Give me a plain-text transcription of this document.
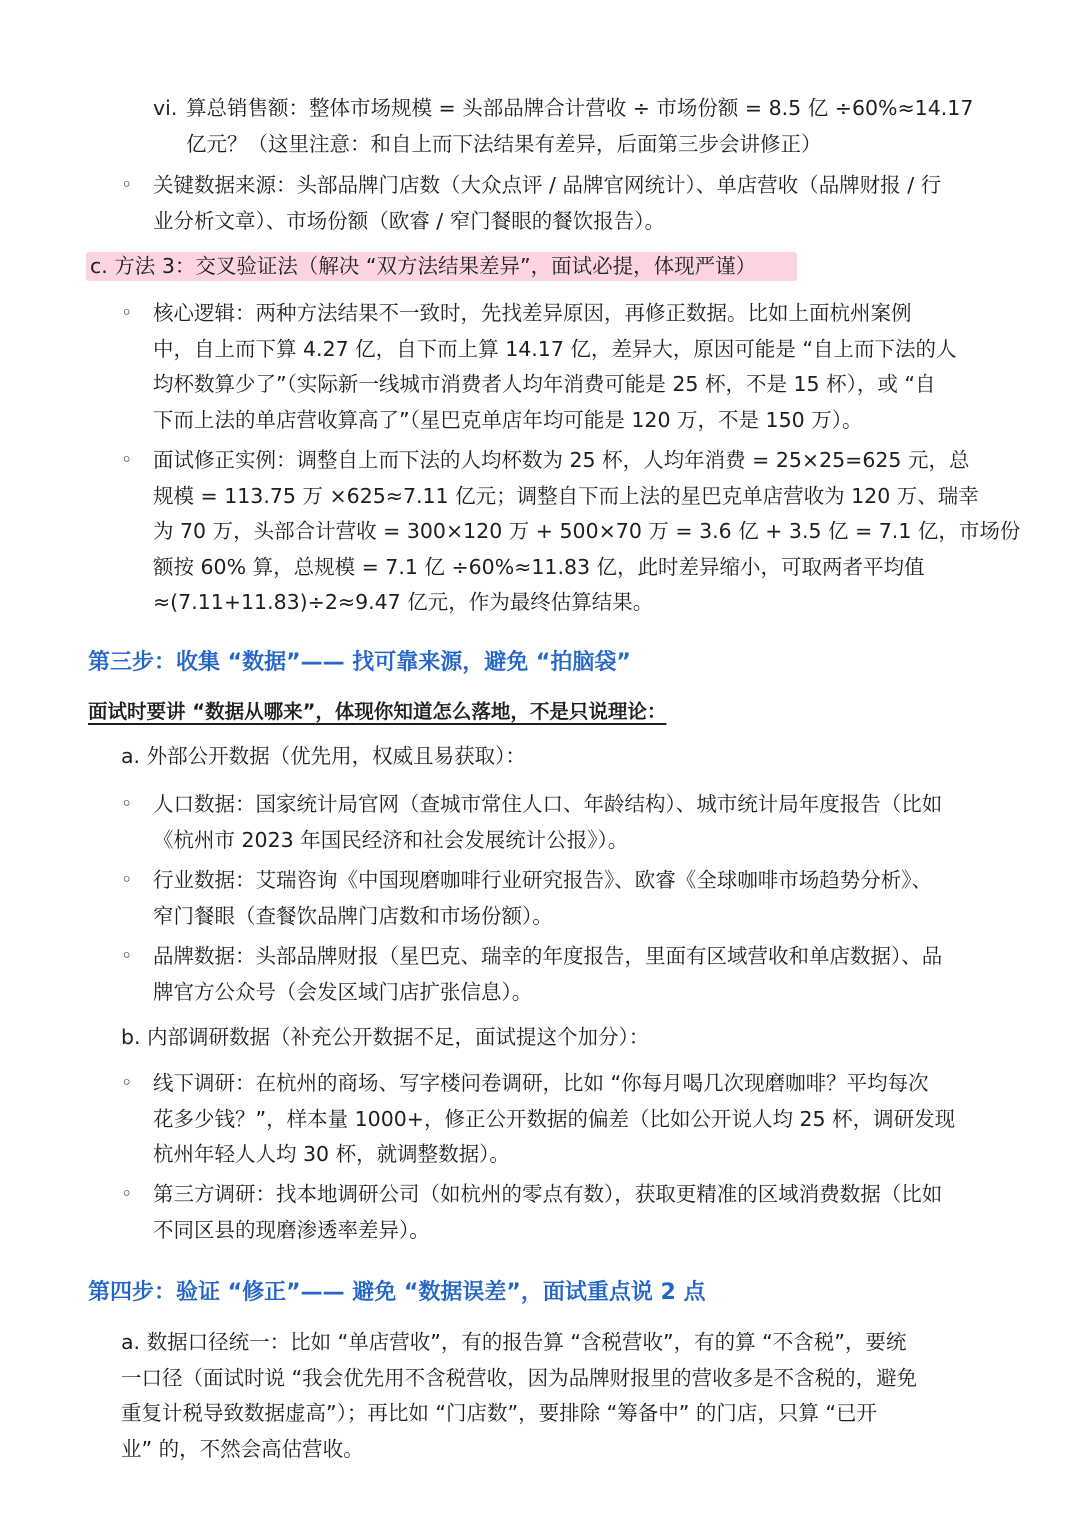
vi. 算总销售额：整体市场规模 = 头部品牌合计营收 ÷ 市场份额 = 8.5 亿 ÷60%≈14.17
亿元？（这里注意：和自上而下法结果有差异，后面第三步会讲修正）

◦ 关键数据来源：头部品牌门店数（大众点评 / 品牌官网统计）、单店营收（品牌财报 / 行
业分析文章）、市场份额（欧睿 / 窄门餐眼的餐饮报告）。

c. 方法 3：交叉验证法（解决 “双方法结果差异”，面试必提，体现严谨）
◦ 核心逻辑：两种方法结果不一致时，先找差异原因，再修正数据。比如上面杭州案例
中，自上而下算 4.27 亿，自下而上算 14.17 亿，差异大，原因可能是 “自上而下法的人
均杯数算少了”（实际新一线城市消费者人均年消费可能是 25 杯，不是 15 杯），或 “自
下而上法的单店营收算高了”（星巴克单店年均可能是 120 万，不是 150 万）。

◦ 面试修正实例：调整自上而下法的人均杯数为 25 杯，人均年消费 = 25×25=625 元，总
规模 = 113.75 万 ×625≈7.11 亿元；调整自下而上法的星巴克单店营收为 120 万、瑞幸
为 70 万，头部合计营收 = 300×120 万 + 500×70 万 = 3.6 亿 + 3.5 亿 = 7.1 亿，市场份
额按 60% 算，总规模 = 7.1 亿 ÷60%≈11.83 亿，此时差异缩小，可取两者平均值
≈(7.11+11.83)÷2≈9.47 亿元，作为最终估算结果。

第三步：收集 “数据”—— 找可靠来源，避免 “拍脑袋”
面试时要讲 “数据从哪来”，体现你知道怎么落地，不是只说理论：

a. 外部公开数据（优先用，权威且易获取）：

◦ 人口数据：国家统计局官网（查城市常住人口、年龄结构）、城市统计局年度报告（比如
《杭州市 2023 年国民经济和社会发展统计公报》）。

◦ 行业数据：艾瑞咨询《中国现磨咖啡行业研究报告》、欧睿《全球咖啡市场趋势分析》、
窄门餐眼（查餐饮品牌门店数和市场份额）。

◦ 品牌数据：头部品牌财报（星巴克、瑞幸的年度报告，里面有区域营收和单店数据）、品
牌官方公众号（会发区域门店扩张信息）。

b. 内部调研数据（补充公开数据不足，面试提这个加分）：

◦ 线下调研：在杭州的商场、写字楼问卷调研，比如 “你每月喝几次现磨咖啡？平均每次
花多少钱？”，样本量 1000+，修正公开数据的偏差（比如公开说人均 25 杯，调研发现
杭州年轻人人均 30 杯，就调整数据）。

◦ 第三方调研：找本地调研公司（如杭州的零点有数），获取更精准的区域消费数据（比如
不同区县的现磨渗透率差异）。

第四步：验证 “修正”—— 避免 “数据误差”，面试重点说 2 点

a. 数据口径统一：比如 “单店营收”，有的报告算 “含税营收”，有的算 “不含税”，要统
一口径（面试时说 “我会优先用不含税营收，因为品牌财报里的营收多是不含税的，避免
重复计税导致数据虚高”）；再比如 “门店数”，要排除 “筹备中” 的门店，只算 “已开
业” 的，不然会高估营收。
